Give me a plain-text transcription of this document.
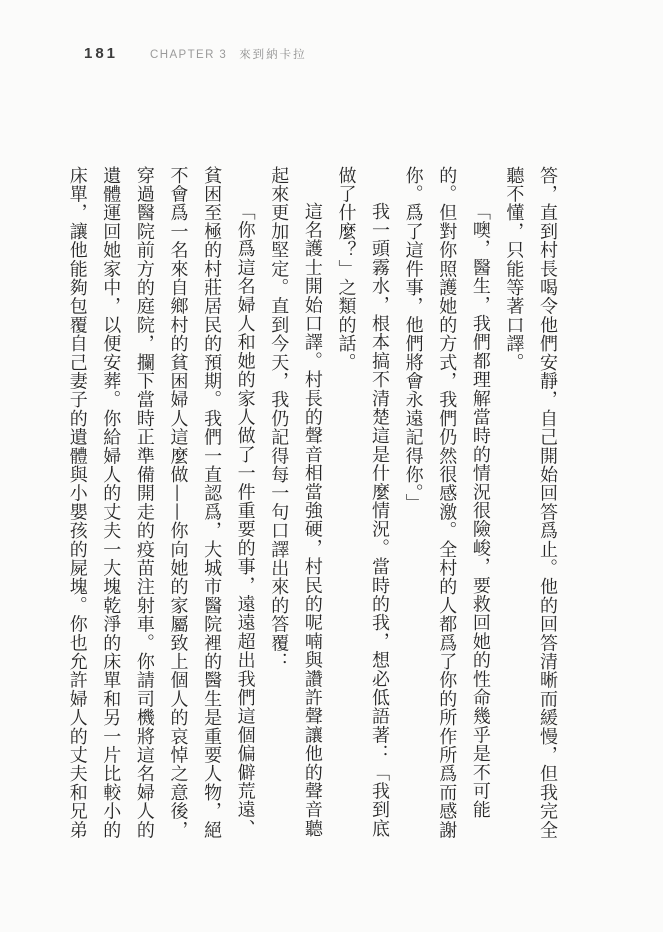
181	CHAPTER 3 來到納卡拉

答，直到村長喝令他們安靜，自己開始回答爲止。他的回答清晰而緩慢，但我完全聽不懂，只能等著口譯。

「噢，醫生，我們都理解當時的情況很險峻，要救回她的性命幾乎是不可能的。但對你照護她的方式，我們仍然很感激。全村的人都爲了你的所作所爲而感謝你。爲了這件事，他們將會永遠記得你。」

我一頭霧水，根本搞不清楚這是什麼情況。當時的我，想必低語著：「我到底做了什麼？」之類的話。

這名護士開始口譯。村長的聲音相當強硬，村民的呢喃與讚許聲讓他的聲音聽起來更加堅定。直到今天，我仍記得每一句口譯出來的答覆：

「你爲這名婦人和她的家人做了一件重要的事，遠遠超出我們這個偏僻荒遠、貧困至極的村莊居民的預期。我們一直認爲，大城市醫院裡的醫生是重要人物，絕不會爲一名來自鄉村的貧困婦人這麼做——你向她的家屬致上個人的哀悼之意後，穿過醫院前方的庭院，攔下當時正準備開走的疫苗注射車。你請司機將這名婦人的遺體運回她家中，以便安葬。你給婦人的丈夫一大塊乾淨的床單和另一片比較小的床單，讓他能夠包覆自己妻子的遺體與小嬰孩的屍塊。你也允許婦人的丈夫和兄弟
